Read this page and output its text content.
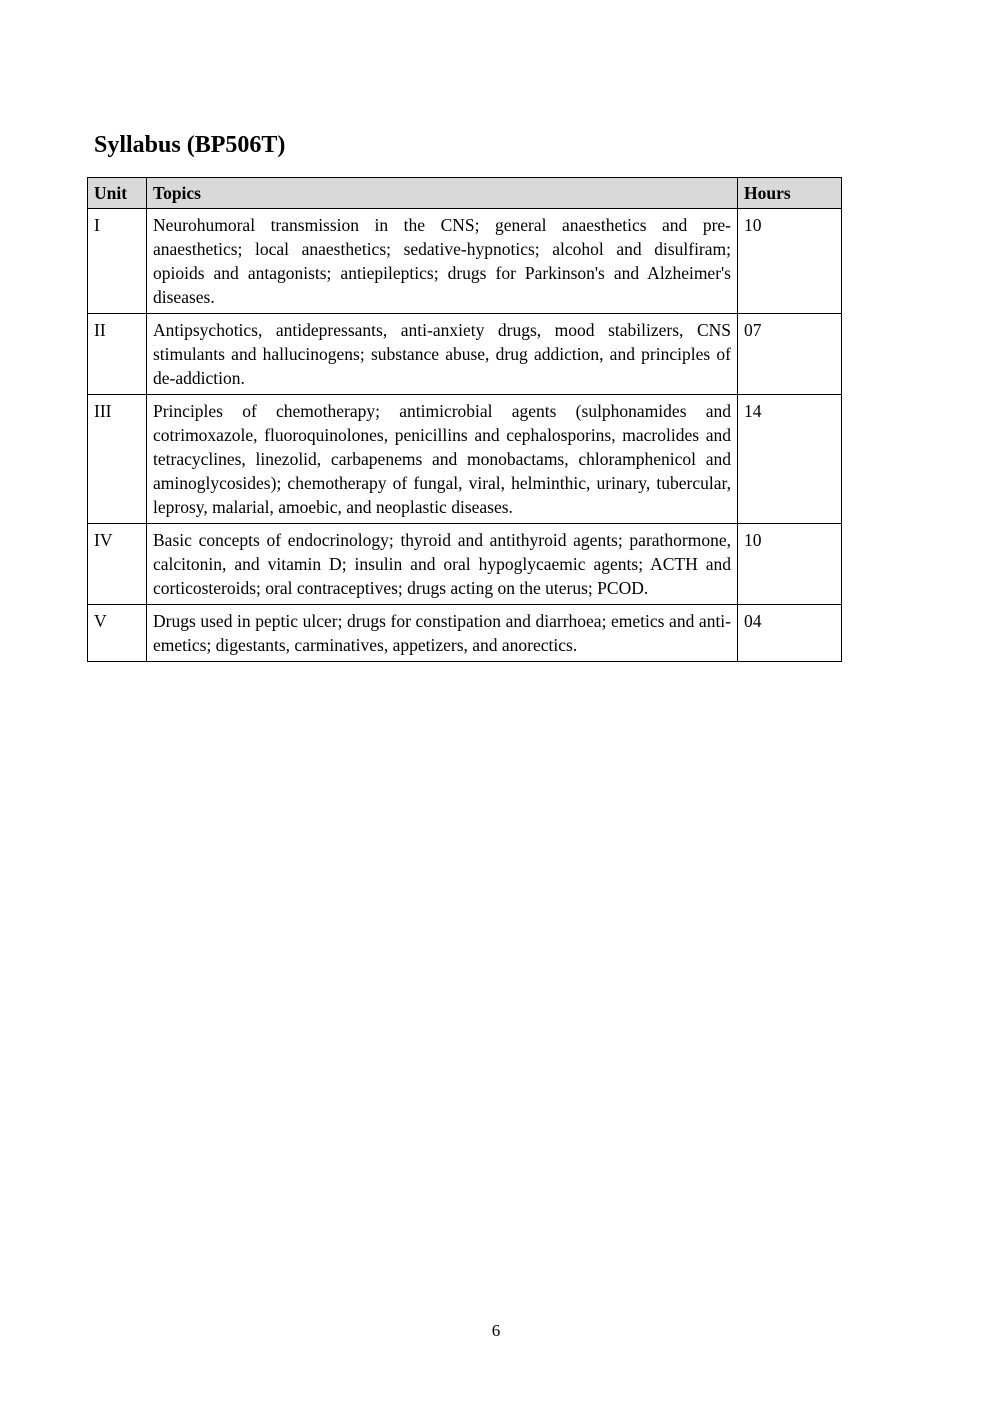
Syllabus (BP506T)
Unit	Topics	Hours
I	Neurohumoral transmission in the CNS; general anaesthetics and pre-anaesthetics; local anaesthetics; sedative-hypnotics; alcohol and disulfiram; opioids and antagonists; antiepileptics; drugs for Parkinson's and Alzheimer's diseases.	10
II	Antipsychotics, antidepressants, anti-anxiety drugs, mood stabilizers, CNS stimulants and hallucinogens; substance abuse, drug addiction, and principles of de-addiction.	07
III	Principles of chemotherapy; antimicrobial agents (sulphonamides and cotrimoxazole, fluoroquinolones, penicillins and cephalosporins, macrolides and tetracyclines, linezolid, carbapenems and monobactams, chloramphenicol and aminoglycosides); chemotherapy of fungal, viral, helminthic, urinary, tubercular, leprosy, malarial, amoebic, and neoplastic diseases.	14
IV	Basic concepts of endocrinology; thyroid and antithyroid agents; parathormone, calcitonin, and vitamin D; insulin and oral hypoglycaemic agents; ACTH and corticosteroids; oral contraceptives; drugs acting on the uterus; PCOD.	10
V	Drugs used in peptic ulcer; drugs for constipation and diarrhoea; emetics and anti-emetics; digestants, carminatives, appetizers, and anorectics.	04
6
